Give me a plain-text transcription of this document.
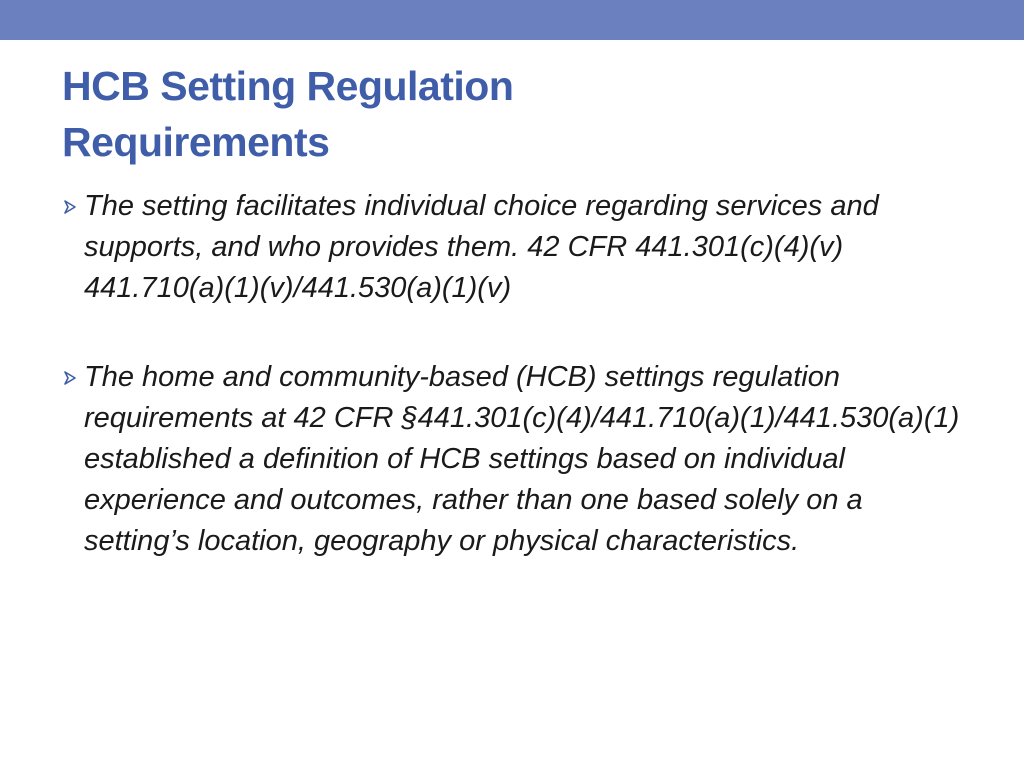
HCB Setting Regulation
Requirements
The setting facilitates individual choice regarding services and supports, and who provides them. 42 CFR 441.301(c)(4)(v) 441.710(a)(1)(v)/441.530(a)(1)(v)
The home and community-based (HCB) settings regulation requirements at 42 CFR §441.301(c)(4)/441.710(a)(1)/441.530(a)(1) established a definition of HCB settings based on individual experience and outcomes, rather than one based solely on a setting’s location, geography or physical characteristics.
